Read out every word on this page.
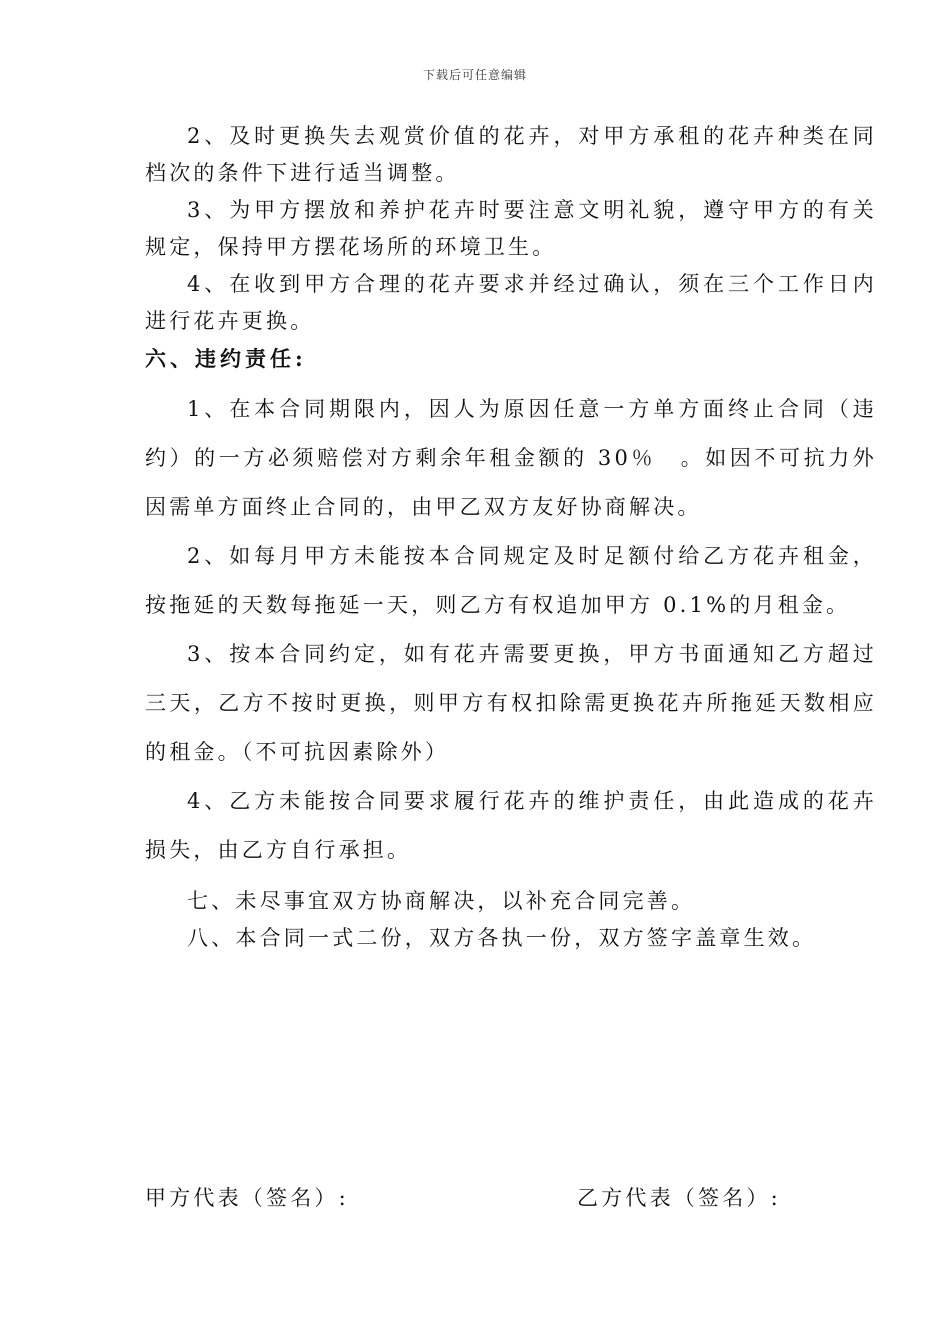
下载后可任意编辑

2、及时更换失去观赏价值的花卉，对甲方承租的花卉种类在同档次的条件下进行适当调整。

3、为甲方摆放和养护花卉时要注意文明礼貌，遵守甲方的有关规定，保持甲方摆花场所的环境卫生。

4、在收到甲方合理的花卉要求并经过确认，须在三个工作日内进行花卉更换。

六、违约责任:

1、在本合同期限内，因人为原因任意一方单方面终止合同（违约）的一方必须赔偿对方剩余年租金额的 30％　。如因不可抗力外因需单方面终止合同的，由甲乙双方友好协商解决。

2、如每月甲方未能按本合同规定及时足额付给乙方花卉租金，按拖延的天数每拖延一天，则乙方有权追加甲方 0.1%的月租金。

3、按本合同约定，如有花卉需要更换，甲方书面通知乙方超过三天，乙方不按时更换，则甲方有权扣除需更换花卉所拖延天数相应的租金。（不可抗因素除外）

4、乙方未能按合同要求履行花卉的维护责任，由此造成的花卉损失，由乙方自行承担。

七、未尽事宜双方协商解决，以补充合同完善。

八、本合同一式二份，双方各执一份，双方签字盖章生效。

甲方代表（签名）:	乙方代表（签名）:
